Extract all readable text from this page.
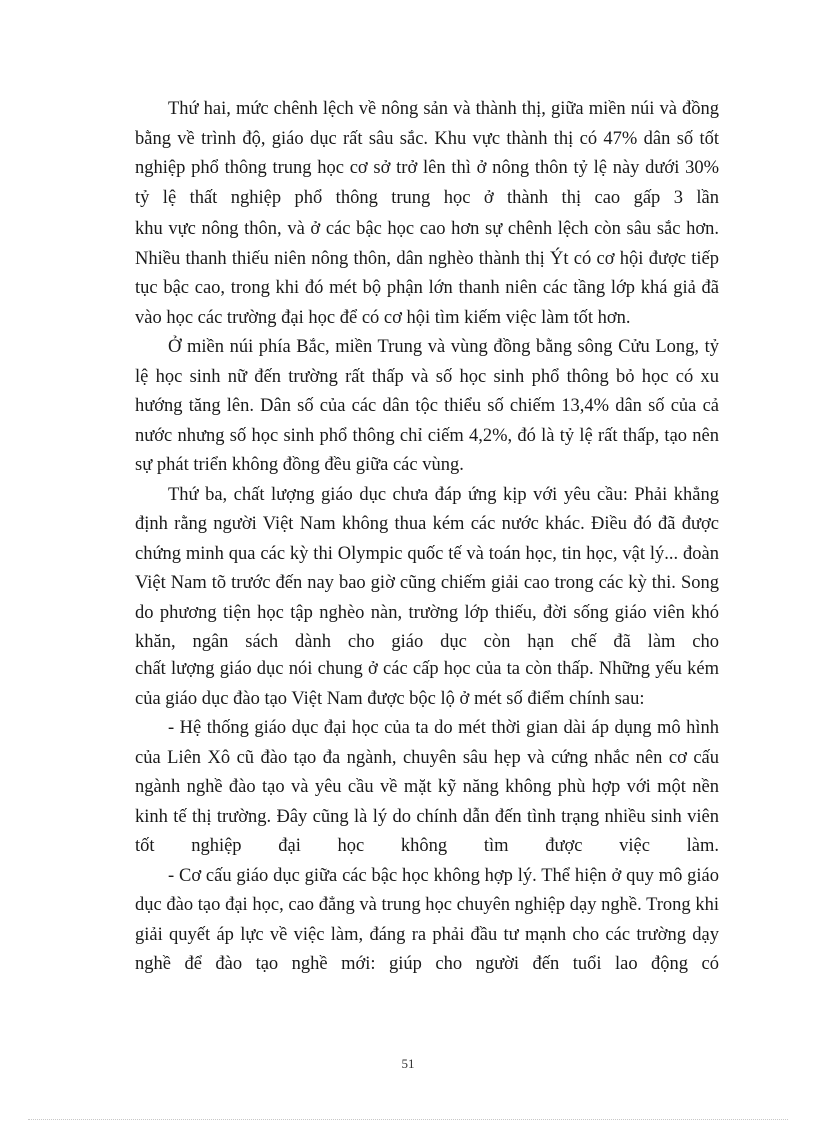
Thứ hai, mức chênh lệch về nông sản và thành thị, giữa miền núi và đồng bằng về trình độ, giáo dục rất sâu sắc. Khu vực thành thị có 47% dân số tốt nghiệp phổ thông trung học cơ sở trở lên thì ở nông thôn tỷ lệ này dưới 30% tỷ lệ thất nghiệp phổ thông trung học ở thành thị cao gấp 3 lần

khu vực nông thôn, và ở các bậc học cao hơn sự chênh lệch còn sâu sắc hơn. Nhiều thanh thiếu niên nông thôn, dân nghèo thành thị Ýt có cơ hội được tiếp tục bậc cao, trong khi đó mét bộ phận lớn thanh niên các tầng lớp khá giả đã vào học các trường đại học để có cơ hội tìm kiếm việc làm tốt hơn.

Ở miền núi phía Bắc, miền Trung và vùng đồng bằng sông Cửu Long, tỷ lệ học sinh nữ đến trường rất thấp và số học sinh phổ thông bỏ học có xu hướng tăng lên. Dân số của các dân tộc thiểu số chiếm 13,4% dân số của cả nước nhưng số học sinh phổ thông chỉ ciếm 4,2%, đó là tỷ lệ rất thấp, tạo nên sự phát triển không đồng đều giữa các vùng.

Thứ ba, chất lượng giáo dục chưa đáp ứng kịp với yêu cầu: Phải khẳng định rằng người Việt Nam không thua kém các nước khác. Điều đó đã được chứng minh qua các kỳ thi Olympic quốc tế và toán học, tin học, vật lý... đoàn Việt Nam tõ trước đến nay bao giờ cũng chiếm giải cao trong các kỳ thi. Song do phương tiện học tập nghèo nàn, trường lớp thiếu, đời sống giáo viên khó khăn, ngân sách dành cho giáo dục còn hạn chế đã làm cho

chất lượng giáo dục nói chung ở các cấp học của ta còn thấp. Những yếu kém của giáo dục đào tạo Việt Nam được bộc lộ ở mét số điểm chính sau:

- Hệ thống giáo dục đại học của ta do mét thời gian dài áp dụng mô hình của Liên Xô cũ đào tạo đa ngành, chuyên sâu hẹp và cứng nhắc nên cơ cấu ngành nghề đào tạo và yêu cầu về mặt kỹ năng không phù hợp với một nền kinh tế thị trường. Đây cũng là lý do chính dẫn đến tình trạng nhiều sinh viên tốt nghiệp đại học không tìm được việc làm.

- Cơ cấu giáo dục giữa các bậc học không hợp lý. Thể hiện ở quy mô giáo dục đào tạo đại học, cao đẳng và trung học chuyên nghiệp dạy nghề. Trong khi giải quyết áp lực về việc làm, đáng ra phải đầu tư mạnh cho các trường dạy nghề để đào tạo nghề mới: giúp cho người đến tuổi lao động có

51
